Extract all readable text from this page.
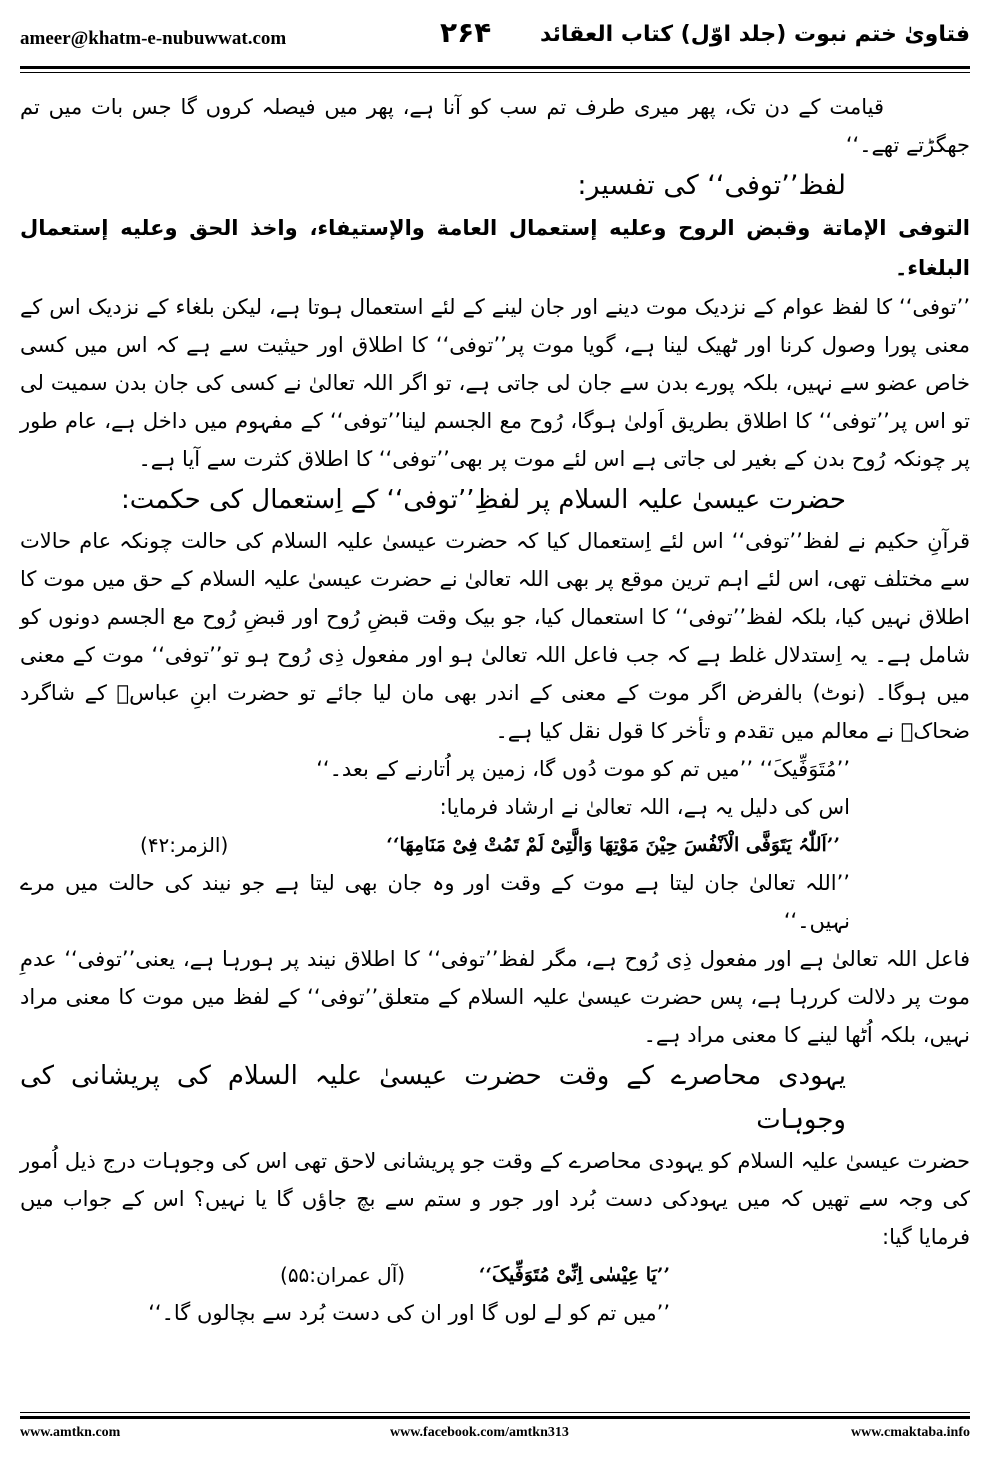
ameer@khatm-e-nubuwwat.com	۲۶۴ فتاویٰ ختم نبوت (جلد اوّل) کتاب العقائد

قیامت کے دن تک، پھر میری طرف تم سب کو آنا ہے، پھر میں فیصلہ کروں گا جس بات میں تم جھگڑتے تھے۔‘‘

لفظ’’توفی‘‘ کی تفسیر:

التوفی الإماتة وقبض الروح وعلیه إستعمال العامة والإستیفاء، واخذ الحق وعلیه إستعمال البلغاء۔

’’توفی‘‘ کا لفظ عوام کے نزدیک موت دینے اور جان لینے کے لئے استعمال ہوتا ہے، لیکن بلغاء کے نزدیک اس کے معنی پورا وصول کرنا اور ٹھیک لینا ہے، گویا موت پر’’توفی‘‘ کا اطلاق اور حیثیت سے ہے کہ اس میں کسی خاص عضو سے نہیں، بلکہ پورے بدن سے جان لی جاتی ہے، تو اگر اللہ تعالیٰ نے کسی کی جان بدن سمیت لی تو اس پر’’توفی‘‘ کا اطلاق بطریق اَولیٰ ہوگا، رُوح مع الجسم لینا’’توفی‘‘ کے مفہوم میں داخل ہے، عام طور پر چونکہ رُوح بدن کے بغیر لی جاتی ہے اس لئے موت پر بھی’’توفی‘‘ کا اطلاق کثرت سے آیا ہے۔

حضرت عیسیٰ علیہ السلام پر لفظِ’’توفی‘‘ کے اِستعمال کی حکمت:

قرآنِ حکیم نے لفظ’’توفی‘‘ اس لئے اِستعمال کیا کہ حضرت عیسیٰ علیہ السلام کی حالت چونکہ عام حالات سے مختلف تھی، اس لئے اہم ترین موقع پر بھی اللہ تعالیٰ نے حضرت عیسیٰ علیہ السلام کے حق میں موت کا اطلاق نہیں کیا، بلکہ لفظ’’توفی‘‘ کا استعمال کیا، جو بیک وقت قبضِ رُوح اور قبضِ رُوح مع الجسم دونوں کو شامل ہے۔ یہ اِستدلال غلط ہے کہ جب فاعل اللہ تعالیٰ ہو اور مفعول ذِی رُوح ہو تو’’توفی‘‘ موت کے معنی میں ہوگا۔ (نوٹ) بالفرض اگر موت کے معنی کے اندر بھی مان لیا جائے تو حضرت ابنِ عباسؓ کے شاگرد ضحاکؒ نے معالم میں تقدم و تأخر کا قول نقل کیا ہے۔

’’مُتَوَفِّیکَ‘‘ ’’میں تم کو موت دُوں گا، زمین پر اُتارنے کے بعد۔‘‘

اس کی دلیل یہ ہے، اللہ تعالیٰ نے ارشاد فرمایا:

’’اَللّٰہُ یَتَوَفَّی الْاَنْفُسَ حِیْنَ مَوْتِهَا وَالَّتِیْ لَمْ تَمُتْ فِیْ مَنَامِهَا‘‘
(الزمر:۴۲)

’’اللہ تعالیٰ جان لیتا ہے موت کے وقت اور وہ جان بھی لیتا ہے جو نیند کی حالت میں مرے نہیں۔‘‘

فاعل اللہ تعالیٰ ہے اور مفعول ذِی رُوح ہے، مگر لفظ’’توفی‘‘ کا اطلاق نیند پر ہورہا ہے، یعنی’’توفی‘‘ عدمِ موت پر دلالت کررہا ہے، پس حضرت عیسیٰ علیہ السلام کے متعلق’’توفی‘‘ کے لفظ میں موت کا معنی مراد نہیں، بلکہ اُٹھا لینے کا معنی مراد ہے۔

یہودی محاصرے کے وقت حضرت عیسیٰ علیہ السلام کی پریشانی کی وجوہات

حضرت عیسیٰ علیہ السلام کو یہودی محاصرے کے وقت جو پریشانی لاحق تھی اس کی وجوہات درج ذیل اُمور کی وجہ سے تھیں کہ میں یہودکی دست بُرد اور جور و ستم سے بچ جاؤں گا یا نہیں؟ اس کے جواب میں فرمایا گیا:

’’یَا عِیْسٰی اِنِّیْ مُتَوَفِّیکَ‘‘
(آل عمران:۵۵)

’’میں تم کو لے لوں گا اور ان کی دست بُرد سے بچالوں گا۔‘‘

www.amtkn.com	www.facebook.com/amtkn313	www.cmaktaba.info
